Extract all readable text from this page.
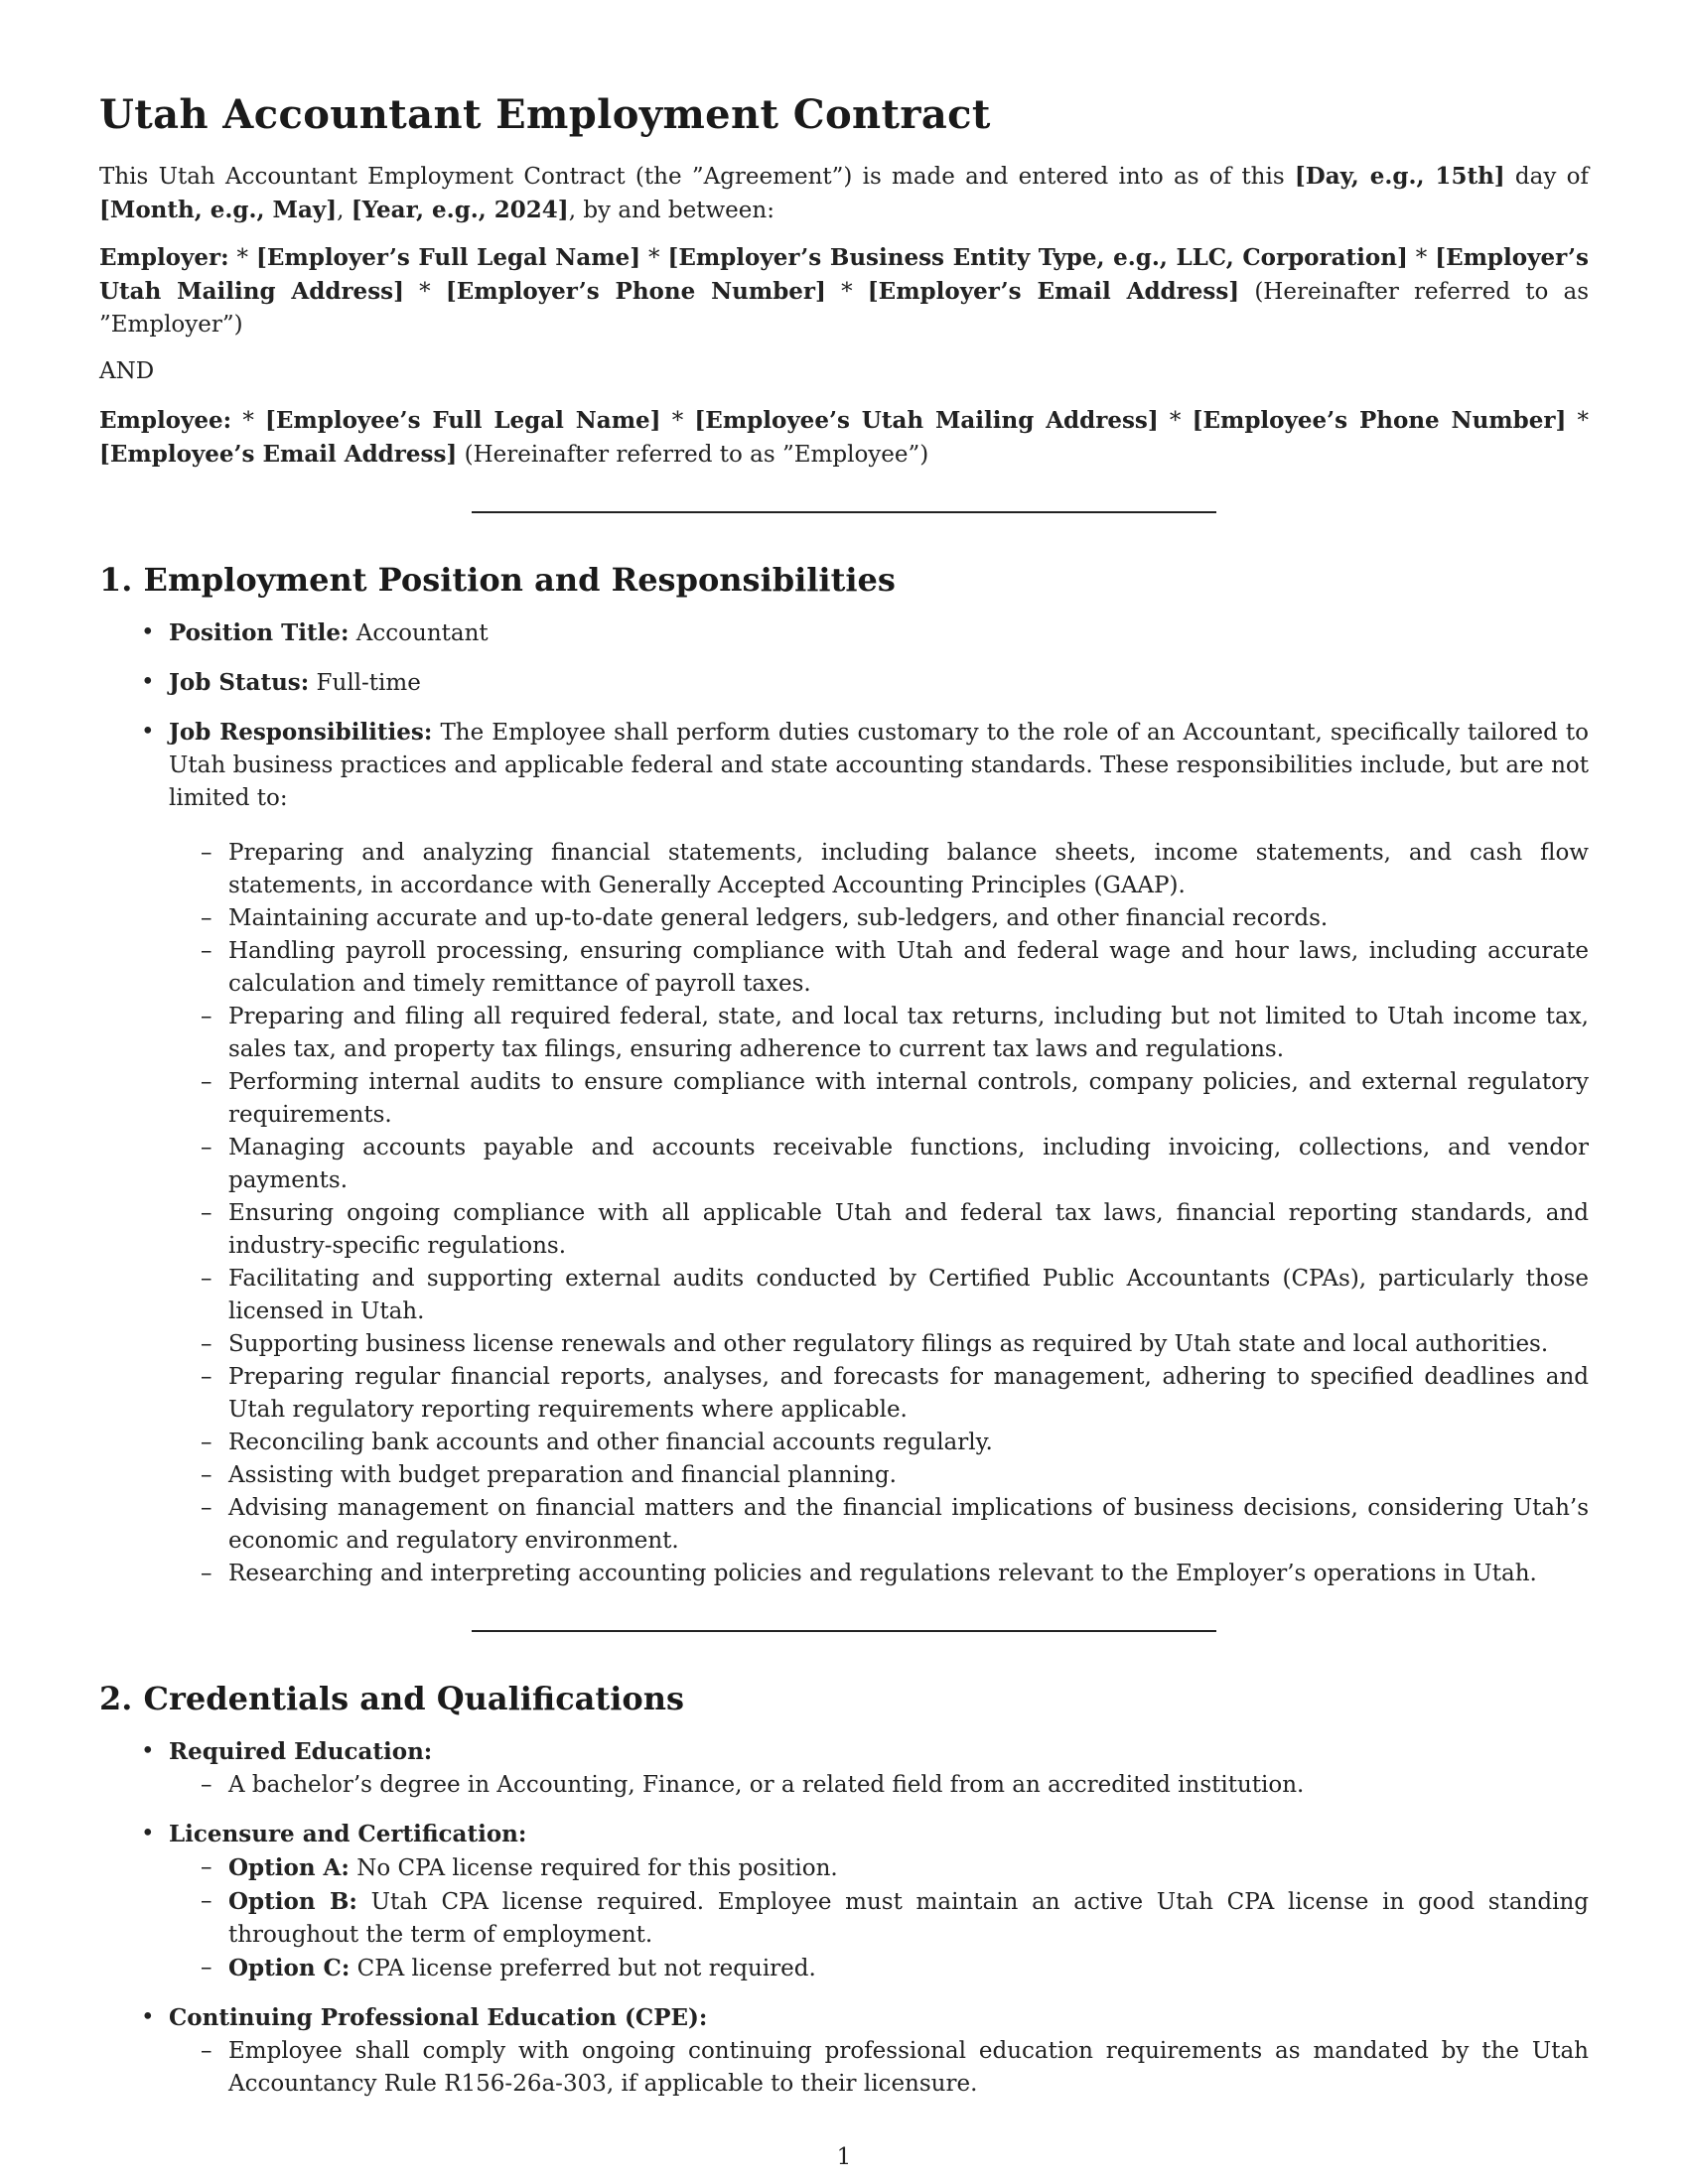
Utah Accountant Employment Contract

This Utah Accountant Employment Contract (the ”Agreement”) is made and entered into as of this [Day, e.g., 15th] day of [Month, e.g., May], [Year, e.g., 2024], by and between:

Employer: * [Employer’s Full Legal Name] * [Employer’s Business Entity Type, e.g., LLC, Corporation] * [Employer’s Utah Mailing Address] * [Employer’s Phone Number] * [Employer’s Email Address] (Hereinafter referred to as ”Employer”)

AND

Employee: * [Employee’s Full Legal Name] * [Employee’s Utah Mailing Address] * [Employee’s Phone Number] * [Employee’s Email Address] (Hereinafter referred to as ”Employee”)

1. Employment Position and Responsibilities
• Position Title: Accountant
• Job Status: Full-time
• Job Responsibilities: The Employee shall perform duties customary to the role of an Accountant, specifically tailored to Utah business practices and applicable federal and state accounting standards. These responsibilities include, but are not limited to:
– Preparing and analyzing financial statements, including balance sheets, income statements, and cash flow statements, in accordance with Generally Accepted Accounting Principles (GAAP).
– Maintaining accurate and up-to-date general ledgers, sub-ledgers, and other financial records.
– Handling payroll processing, ensuring compliance with Utah and federal wage and hour laws, including accurate calculation and timely remittance of payroll taxes.
– Preparing and filing all required federal, state, and local tax returns, including but not limited to Utah income tax, sales tax, and property tax filings, ensuring adherence to current tax laws and regulations.
– Performing internal audits to ensure compliance with internal controls, company policies, and external regulatory requirements.
– Managing accounts payable and accounts receivable functions, including invoicing, collections, and vendor payments.
– Ensuring ongoing compliance with all applicable Utah and federal tax laws, financial reporting standards, and industry-specific regulations.
– Facilitating and supporting external audits conducted by Certified Public Accountants (CPAs), particularly those licensed in Utah.
– Supporting business license renewals and other regulatory filings as required by Utah state and local authorities.
– Preparing regular financial reports, analyses, and forecasts for management, adhering to specified deadlines and Utah regulatory reporting requirements where applicable.
– Reconciling bank accounts and other financial accounts regularly.
– Assisting with budget preparation and financial planning.
– Advising management on financial matters and the financial implications of business decisions, considering Utah’s economic and regulatory environment.
– Researching and interpreting accounting policies and regulations relevant to the Employer’s operations in Utah.
2. Credentials and Qualifications
• Required Education:
– A bachelor’s degree in Accounting, Finance, or a related field from an accredited institution.
• Licensure and Certification:
– Option A: No CPA license required for this position.
– Option B: Utah CPA license required. Employee must maintain an active Utah CPA license in good standing throughout the term of employment.
– Option C: CPA license preferred but not required.
• Continuing Professional Education (CPE):
– Employee shall comply with ongoing continuing professional education requirements as mandated by the Utah Accountancy Rule R156-26a-303, if applicable to their licensure.
1
